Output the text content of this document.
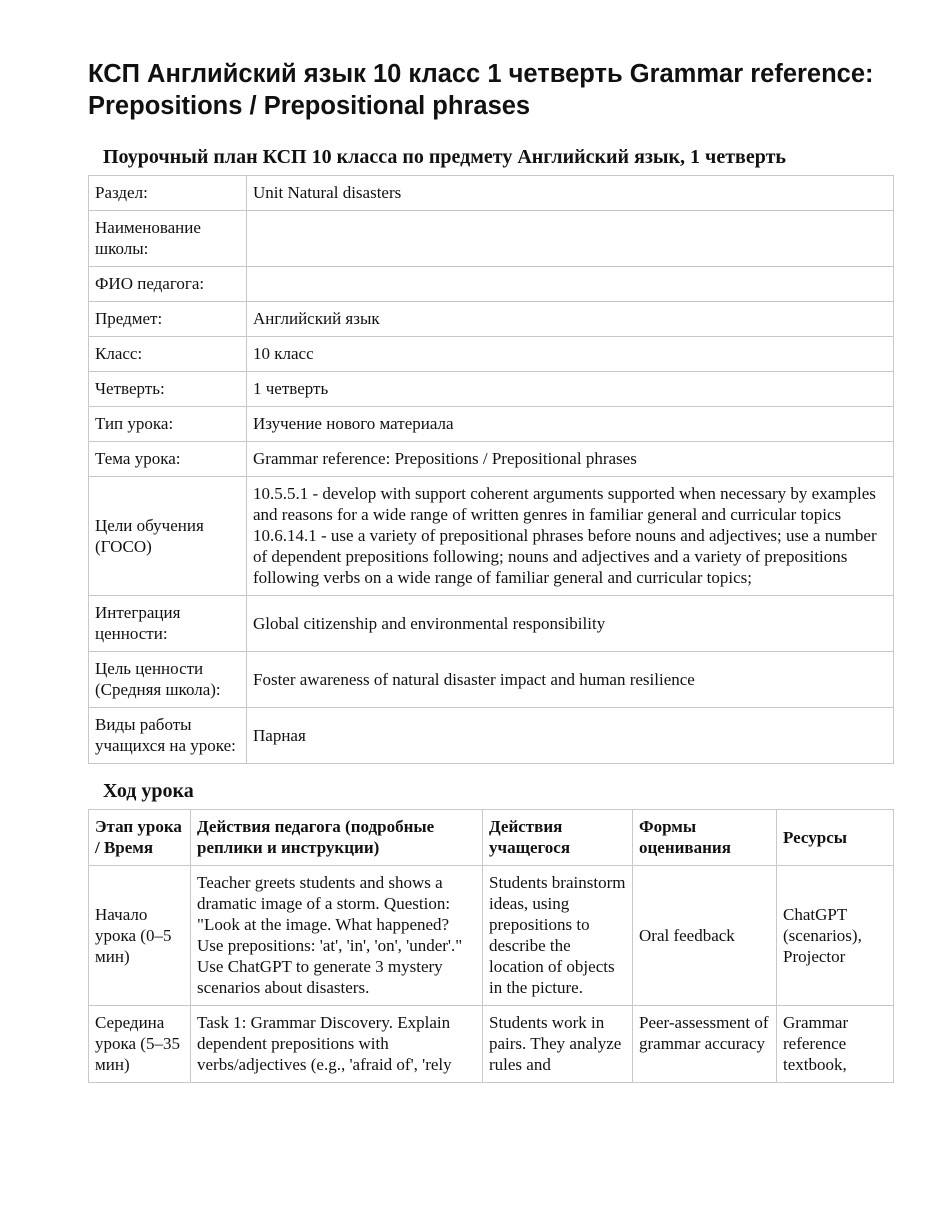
КСП Английский язык 10 класс 1 четверть Grammar reference: Prepositions / Prepositional phrases
Поурочный план КСП 10 класса по предмету Английский язык, 1 четверть
Раздел:	Unit Natural disasters
Наименование школы:	
ФИО педагога:	
Предмет:	Английский язык
Класс:	10 класс
Четверть:	1 четверть
Тип урока:	Изучение нового материала
Тема урока:	Grammar reference: Prepositions / Prepositional phrases
Цели обучения (ГОСО)	10.5.5.1 - develop with support coherent arguments supported when necessary by examples and reasons for a wide range of written genres in familiar general and curricular topics 10.6.14.1 - use a variety of prepositional phrases before nouns and adjectives; use a number of dependent prepositions following; nouns and adjectives and a variety of prepositions following verbs on a wide range of familiar general and curricular topics;
Интеграция ценности:	Global citizenship and environmental responsibility
Цель ценности (Средняя школа):	Foster awareness of natural disaster impact and human resilience
Виды работы учащихся на уроке:	Парная
Ход урока
Этап урока / Время	Действия педагога (подробные реплики и инструкции)	Действия учащегося	Формы оценивания	Ресурсы
Начало урока (0–5 мин)	Teacher greets students and shows a dramatic image of a storm. Question: "Look at the image. What happened? Use prepositions: 'at', 'in', 'on', 'under'." Use ChatGPT to generate 3 mystery scenarios about disasters.	Students brainstorm ideas, using prepositions to describe the location of objects in the picture.	Oral feedback	ChatGPT (scenarios), Projector
Середина урока (5–35 мин)	Task 1: Grammar Discovery. Explain dependent prepositions with verbs/adjectives (e.g., 'afraid of', 'rely	Students work in pairs. They analyze rules and	Peer-assessment of grammar accuracy	Grammar reference textbook,
